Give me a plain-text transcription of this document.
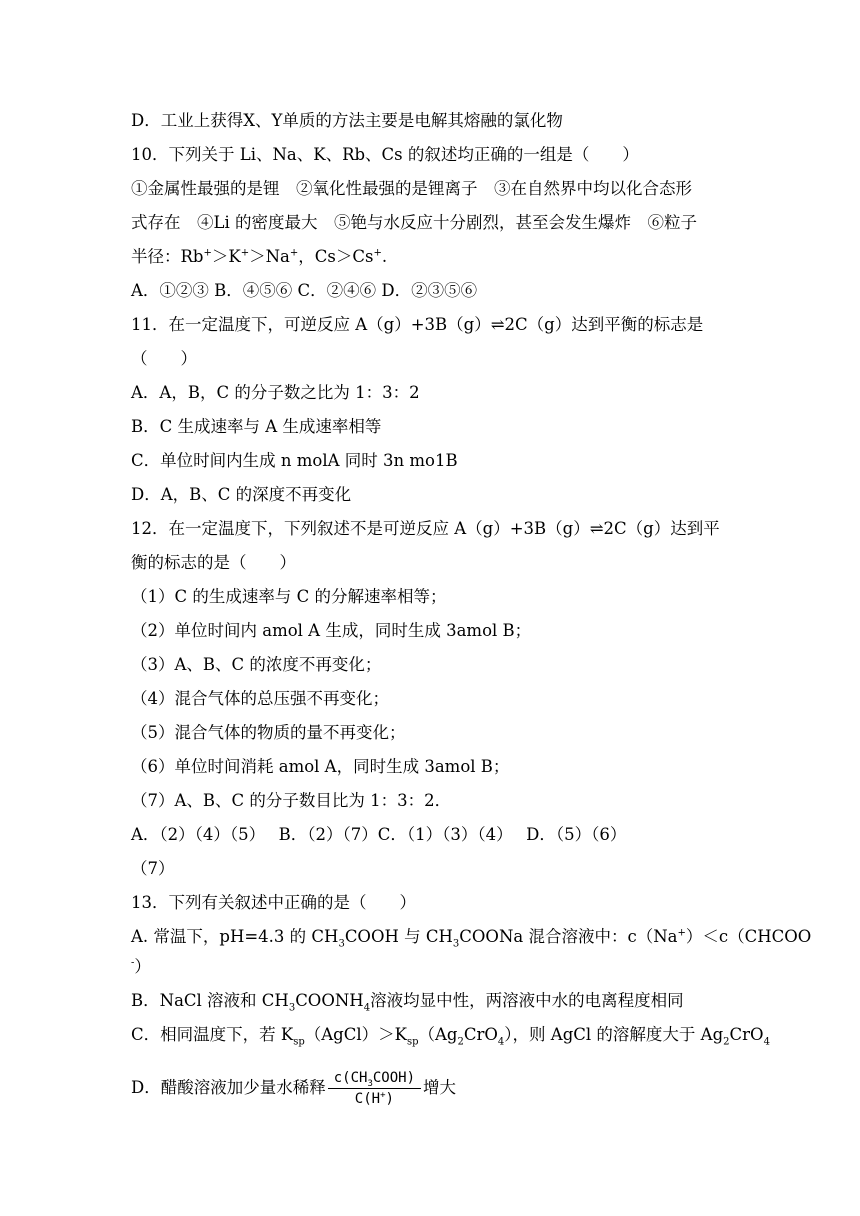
D．工业上获得X、Y单质的方法主要是电解其熔融的氯化物
10．下列关于 Li、Na、K、Rb、Cs 的叙述均正确的一组是（　　）
①金属性最强的是锂　②氧化性最强的是锂离子　③在自然界中均以化合态形
式存在　④Li 的密度最大　⑤铯与水反应十分剧烈，甚至会发生爆炸　⑥粒子
半径：Rb+＞K+＞Na+，Cs＞Cs+.
A．①②③ B．④⑤⑥ C．②④⑥ D．②③⑤⑥
11．在一定温度下，可逆反应 A（g）+3B（g）⇌2C（g）达到平衡的标志是
（　　）
A．A，B，C 的分子数之比为 1：3：2
B．C 生成速率与 A 生成速率相等
C．单位时间内生成 n molA 同时 3n mo1B
D．A，B、C 的深度不再变化
12．在一定温度下，下列叙述不是可逆反应 A（g）+3B（g）⇌2C（g）达到平
衡的标志的是（　　）
（1）C 的生成速率与 C 的分解速率相等；
（2）单位时间内 amol A 生成，同时生成 3amol B；
（3）A、B、C 的浓度不再变化；
（4）混合气体的总压强不再变化；
（5）混合气体的物质的量不再变化；
（6）单位时间消耗 amol A，同时生成 3amol B；
（7）A、B、C 的分子数目比为 1：3：2．
A．（2）（4）（5）　 B．（2）（7）C．（1）（3）（4）　 D．（5）（6）
（7）
13．下列有关叙述中正确的是（　　）
A. 常温下，pH=4.3 的 $CH_3COOH$ 与 $CH_3COONa$ 混合溶液中：c（Na+）＜c（CHCOO
-）
B．NaCl 溶液和 $CH_3COONH_4$溶液均显中性，两溶液中水的电离程度相同
C．相同温度下，若 $K_{sp}(AgCl)>K_{sp}(Ag_2CrO_4)$，则 AgCl 的溶解度大于 $Ag_2CrO_4$
D．醋酸溶液加少量水稀释 $\frac{c(CH_3COOH)}{C(H^+)}$ 增大
